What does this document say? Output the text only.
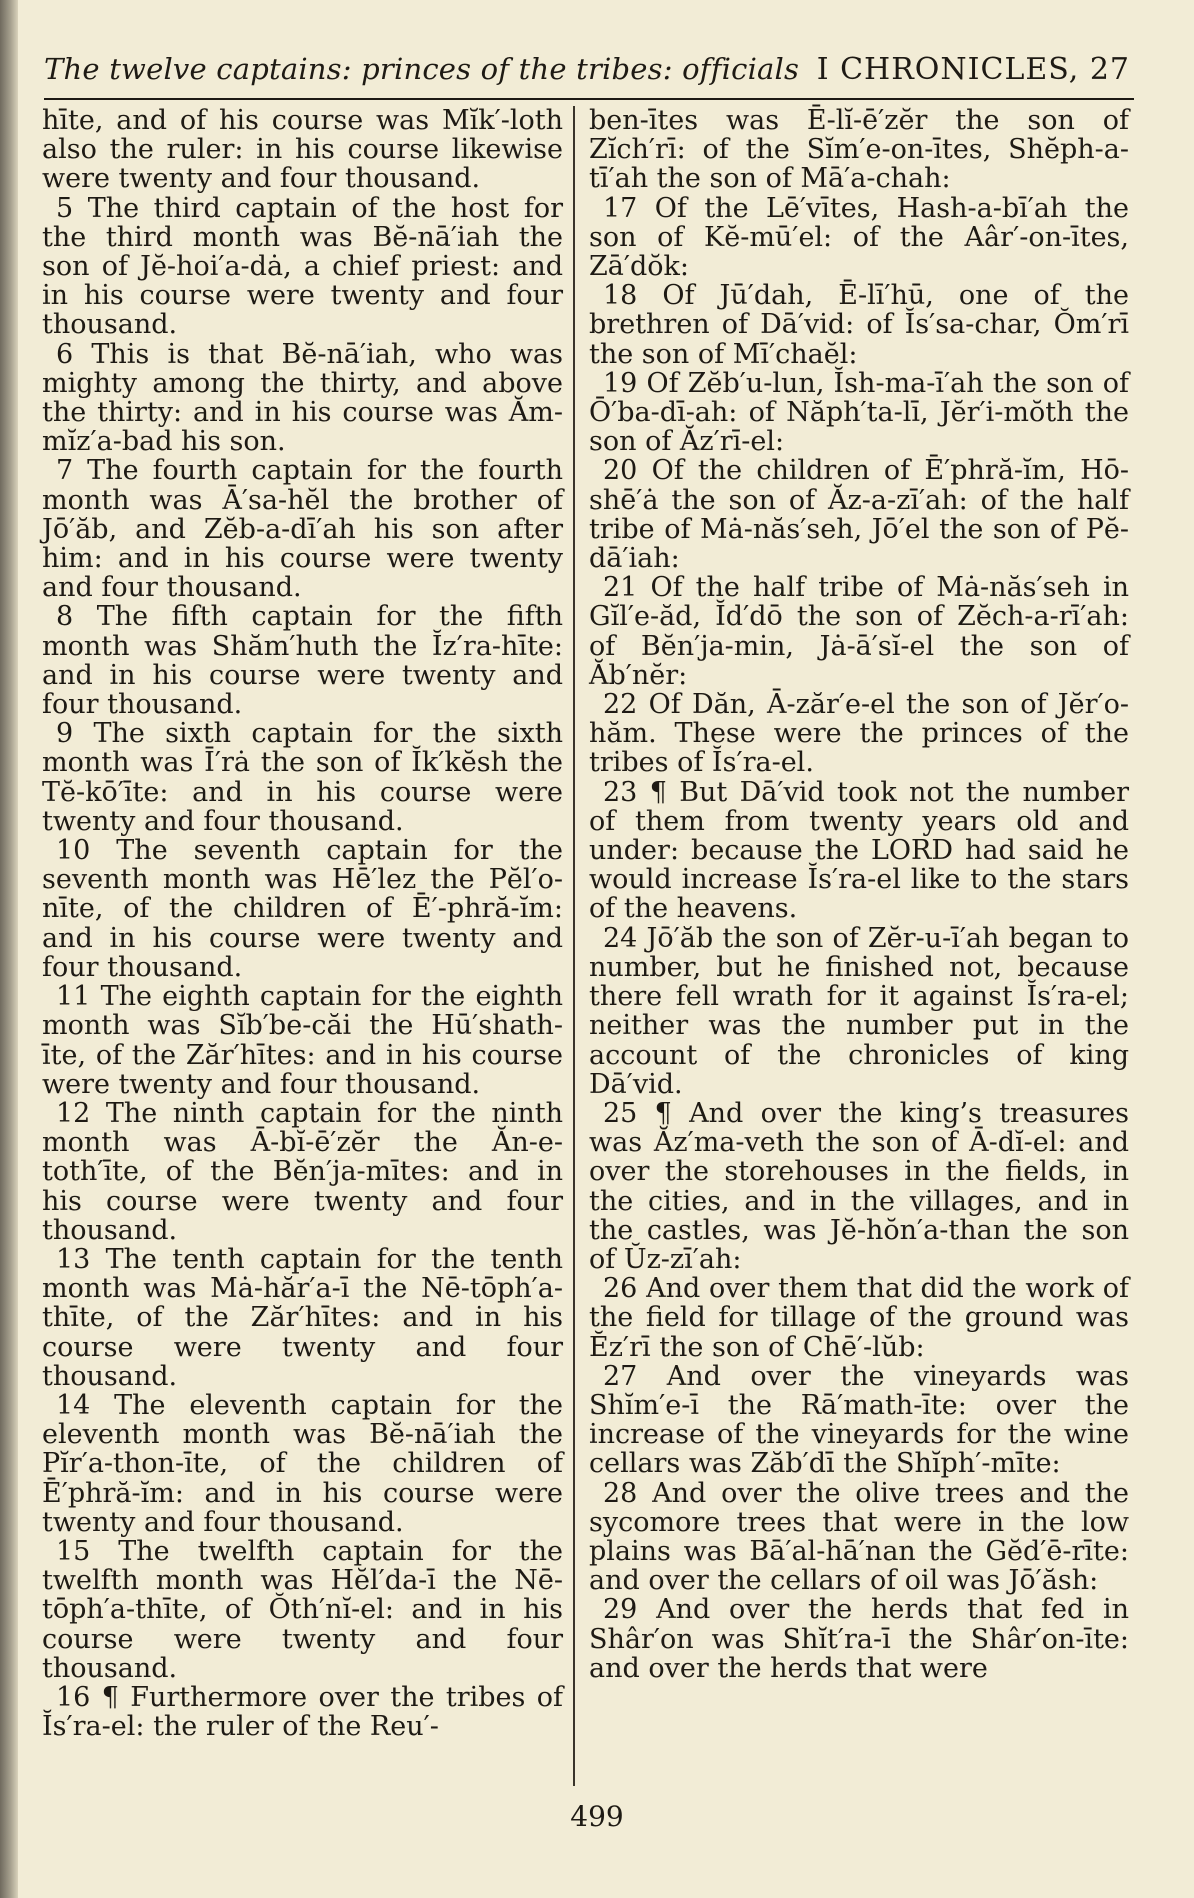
The twelve captains: princes of the tribes: officials I CHRONICLES, 27
hīte, and of his course was Mĭk′-loth also the ruler: in his course likewise were twenty and four thousand.
5 The third captain of the host for the third month was Bĕ-nā′iah the son of Jĕ-hoi′a-dȧ, a chief priest: and in his course were twenty and four thousand.
6 This is that Bĕ-nā′iah, who was mighty among the thirty, and above the thirty: and in his course was Ăm-mĭz′a-bad his son.
7 The fourth captain for the fourth month was Ā′sa-hĕl the brother of Jō′ăb, and Zĕb-a-dī′ah his son after him: and in his course were twenty and four thousand.
8 The fifth captain for the fifth month was Shăm′huth the Ĭz′ra-hīte: and in his course were twenty and four thousand.
9 The sixth captain for the sixth month was Ī′rȧ the son of Ĭk′kĕsh the Tĕ-kō′īte: and in his course were twenty and four thousand.
10 The seventh captain for the seventh month was Hē′lez the Pĕl′o-nīte, of the children of Ē′-phră-ĭm: and in his course were twenty and four thousand.
11 The eighth captain for the eighth month was Sĭb′be-căi the Hū′shath-īte, of the Zăr′hītes: and in his course were twenty and four thousand.
12 The ninth captain for the ninth month was Ā-bĭ-ē′zĕr the Ăn-e-toth′īte, of the Bĕn′ja-mītes: and in his course were twenty and four thousand.
13 The tenth captain for the tenth month was Mȧ-hăr′a-ī the Nē-tōph′a-thīte, of the Zăr′hītes: and in his course were twenty and four thousand.
14 The eleventh captain for the eleventh month was Bĕ-nā′iah the Pĭr′a-thon-īte, of the children of Ē′phră-ĭm: and in his course were twenty and four thousand.
15 The twelfth captain for the twelfth month was Hĕl′da-ī the Nē-tōph′a-thīte, of Ŏth′nĭ-el: and in his course were twenty and four thousand.
16 ¶ Furthermore over the tribes of Ĭs′ra-el: the ruler of the Reu′-
ben-ītes was Ē-lĭ-ē′zĕr the son of Zĭch′rī: of the Sĭm′e-on-ītes, Shĕph-a-tī′ah the son of Mā′a-chah:
17 Of the Lē′vītes, Hash-a-bī′ah the son of Kĕ-mū′el: of the Aâr′-on-ītes, Zā′dŏk:
18 Of Jū′dah, Ē-lī′hū, one of the brethren of Dā′vid: of Ĭs′sa-char, Ŏm′rī the son of Mī′chaĕl:
19 Of Zĕb′u-lun, Ĭsh-ma-ī′ah the son of Ō′ba-dī-ah: of Năph′ta-lī, Jĕr′i-mŏth the son of Ăz′rī-el:
20 Of the children of Ē′phră-ĭm, Hō-shē′ȧ the son of Ăz-a-zī′ah: of the half tribe of Mȧ-năs′seh, Jō′el the son of Pĕ-dā′iah:
21 Of the half tribe of Mȧ-năs′seh in Gĭl′e-ăd, Ĭd′dō the son of Zĕch-a-rī′ah: of Bĕn′ja-min, Jȧ-ā′sĭ-el the son of Ăb′nĕr:
22 Of Dăn, Ā-zăr′e-el the son of Jĕr′o-hăm. These were the princes of the tribes of Ĭs′ra-el.
23 ¶ But Dā′vid took not the number of them from twenty years old and under: because the LORD had said he would increase Ĭs′ra-el like to the stars of the heavens.
24 Jō′ăb the son of Zĕr-u-ī′ah began to number, but he finished not, because there fell wrath for it against Ĭs′ra-el; neither was the number put in the account of the chronicles of king Dā′vid.
25 ¶ And over the king’s treasures was Ăz′ma-veth the son of Ā-dĭ-el: and over the storehouses in the fields, in the cities, and in the villages, and in the castles, was Jĕ-hŏn′a-than the son of Ŭz-zī′ah:
26 And over them that did the work of the field for tillage of the ground was Ĕz′rī the son of Chē′-lŭb:
27 And over the vineyards was Shĭm′e-ī the Rā′math-īte: over the increase of the vineyards for the wine cellars was Zăb′dī the Shĭph′-mīte:
28 And over the olive trees and the sycomore trees that were in the low plains was Bā′al-hā′nan the Gĕd′ē-rīte: and over the cellars of oil was Jō′ăsh:
29 And over the herds that fed in Shâr′on was Shĭt′ra-ī the Shâr′on-īte: and over the herds that were
499
